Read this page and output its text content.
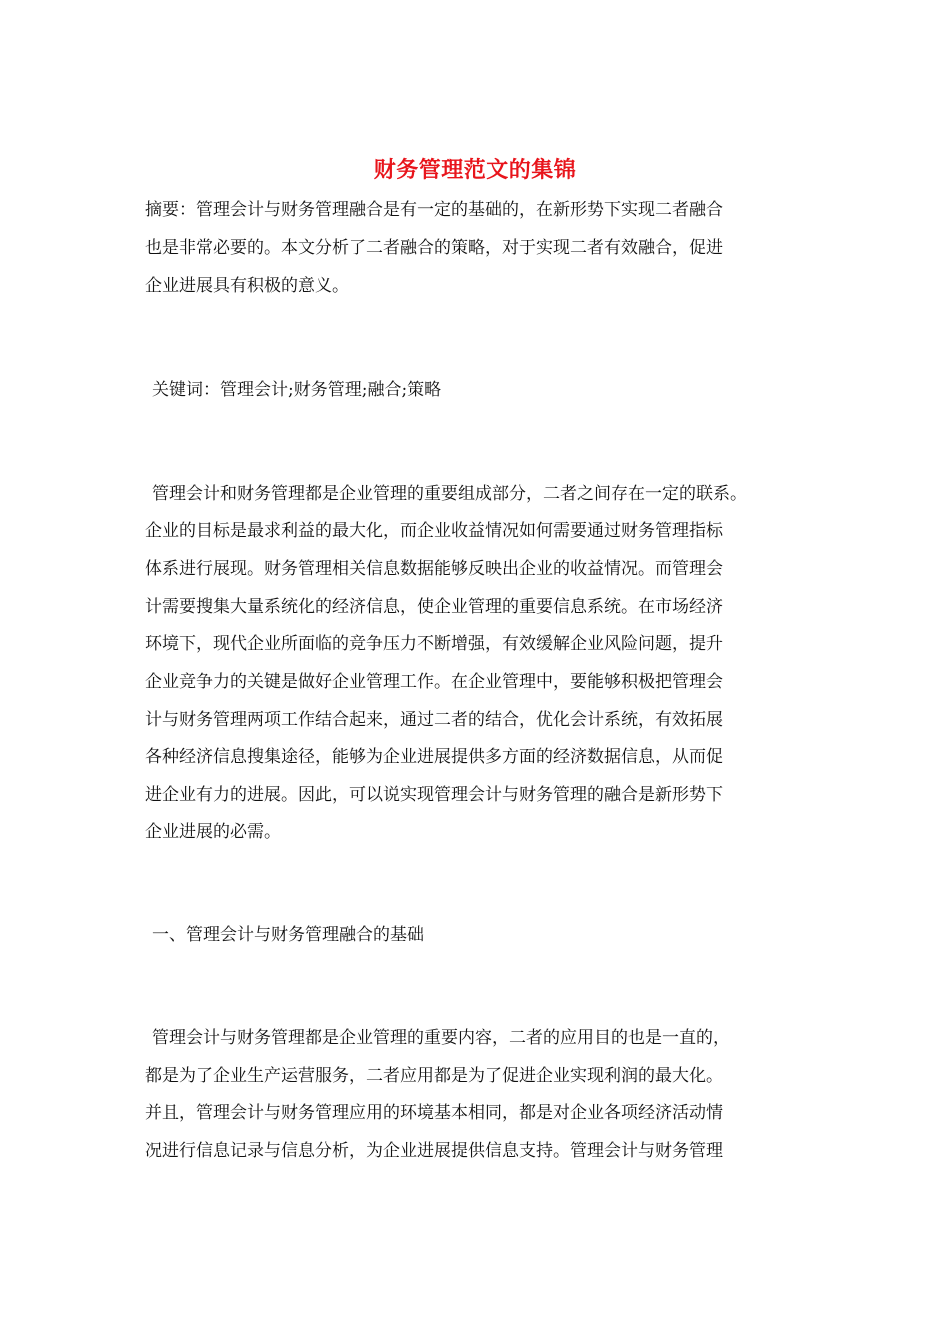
财务管理范文的集锦
摘要：管理会计与财务管理融合是有一定的基础的，在新形势下实现二者融合
也是非常必要的。本文分析了二者融合的策略，对于实现二者有效融合，促进
企业进展具有积极的意义。
关键词：管理会计;财务管理;融合;策略
管理会计和财务管理都是企业管理的重要组成部分，二者之间存在一定的联系。
企业的目标是最求利益的最大化，而企业收益情况如何需要通过财务管理指标
体系进行展现。财务管理相关信息数据能够反映出企业的收益情况。而管理会
计需要搜集大量系统化的经济信息，使企业管理的重要信息系统。在市场经济
环境下，现代企业所面临的竞争压力不断增强，有效缓解企业风险问题，提升
企业竞争力的关键是做好企业管理工作。在企业管理中，要能够积极把管理会
计与财务管理两项工作结合起来，通过二者的结合，优化会计系统，有效拓展
各种经济信息搜集途径，能够为企业进展提供多方面的经济数据信息，从而促
进企业有力的进展。因此，可以说实现管理会计与财务管理的融合是新形势下
企业进展的必需。
一、管理会计与财务管理融合的基础
管理会计与财务管理都是企业管理的重要内容，二者的应用目的也是一直的，
都是为了企业生产运营服务，二者应用都是为了促进企业实现利润的最大化。
并且，管理会计与财务管理应用的环境基本相同，都是对企业各项经济活动情
况进行信息记录与信息分析，为企业进展提供信息支持。管理会计与财务管理
